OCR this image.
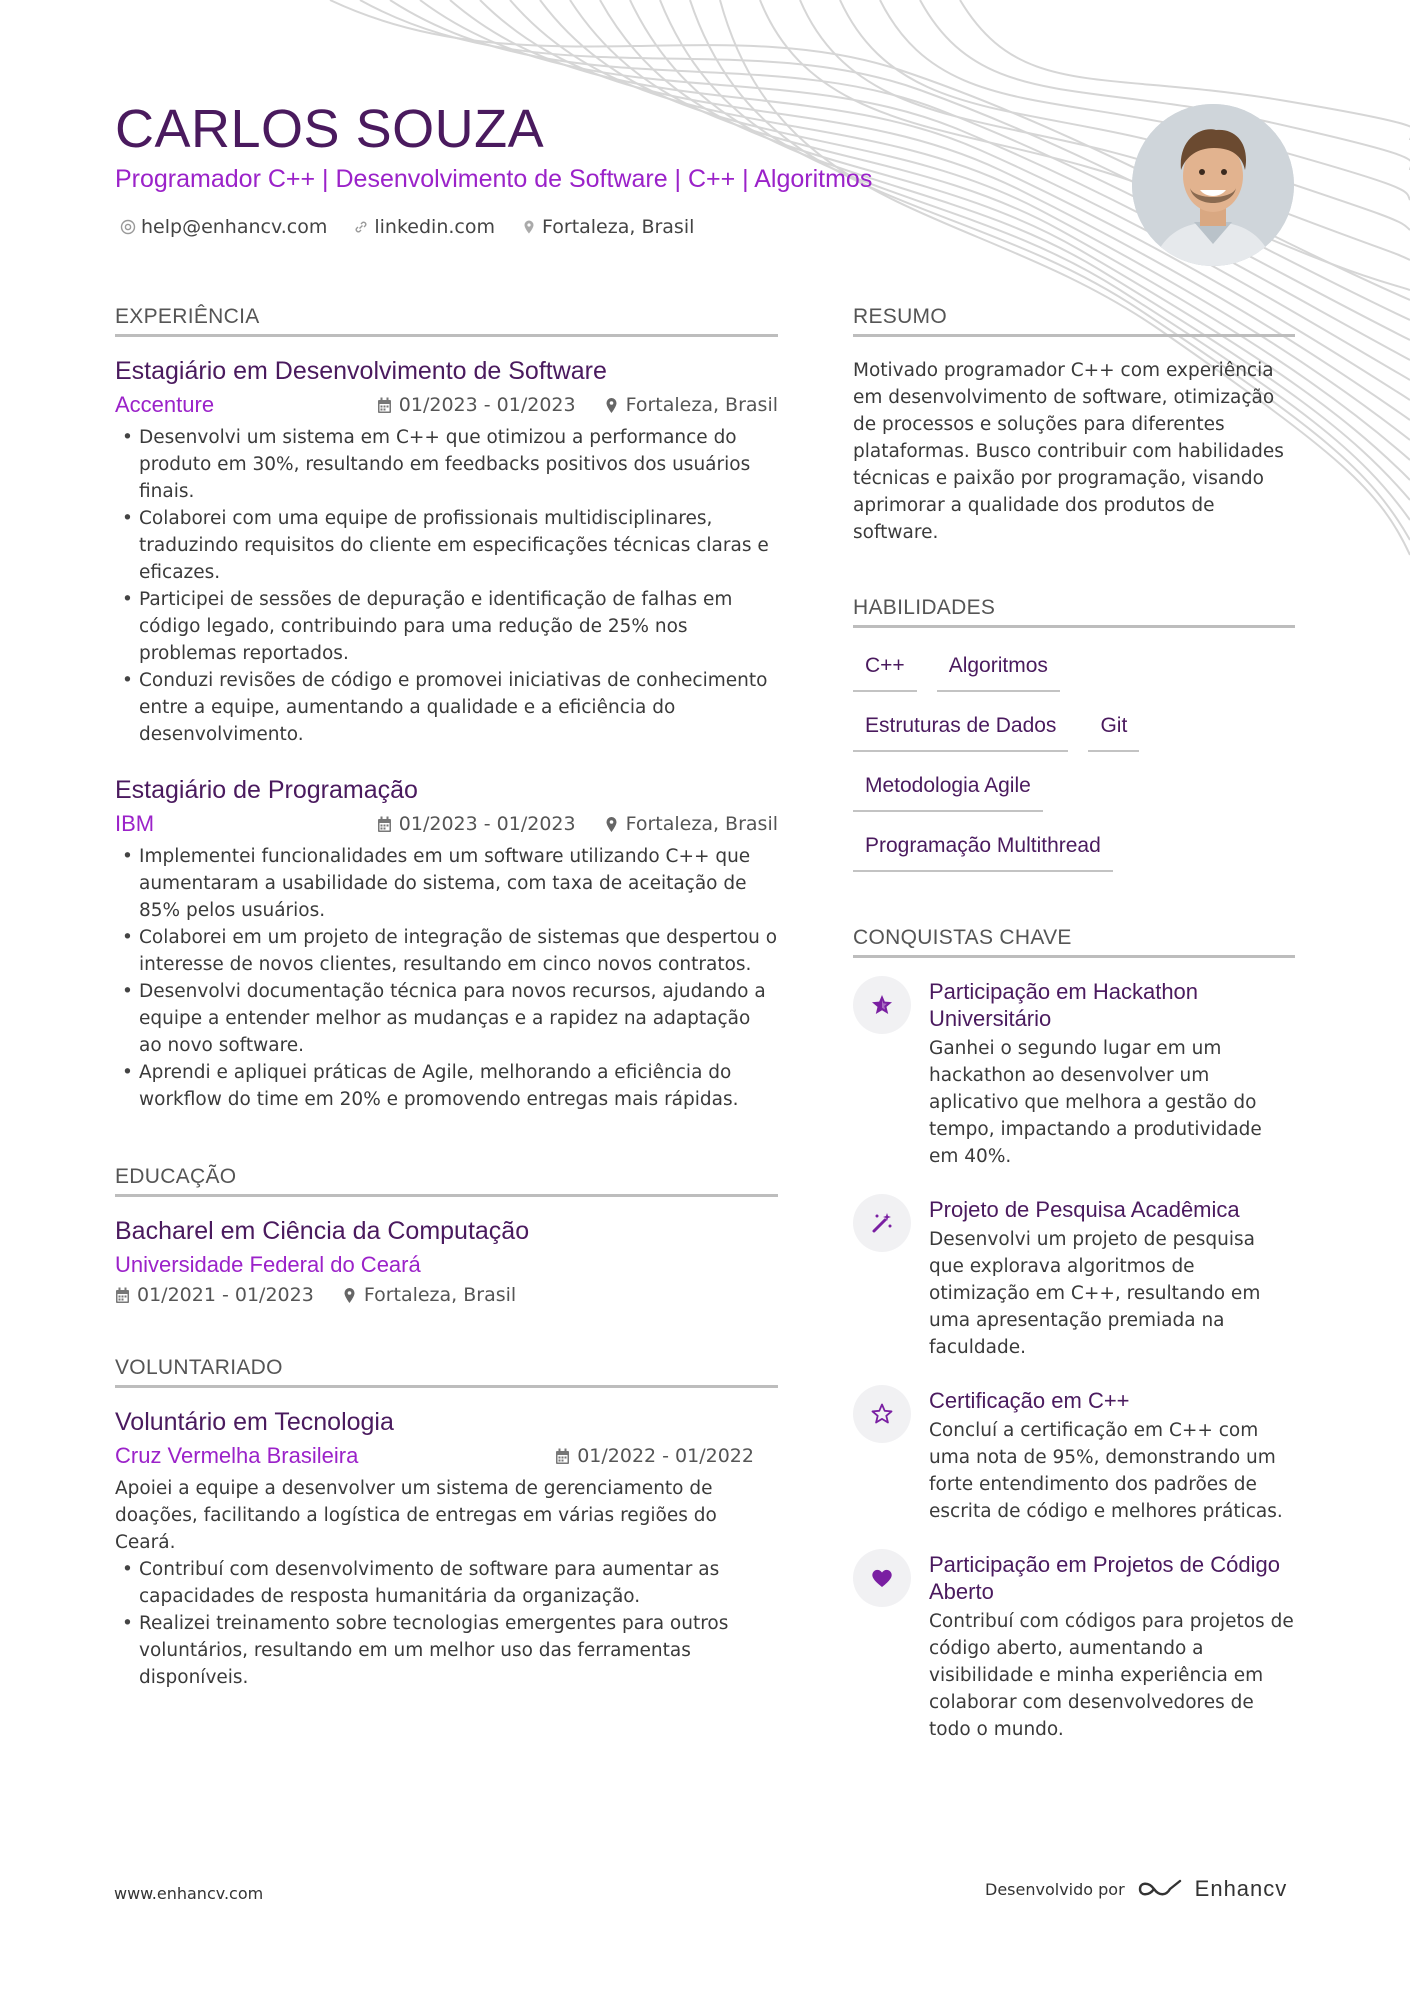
CARLOS SOUZA
Programador C++ | Desenvolvimento de Software | C++ | Algoritmos
help@enhancv.com linkedin.com Fortaleza, Brasil
EXPERIÊNCIA
Estagiário em Desenvolvimento de Software
Accenture	01/2023 - 01/2023	Fortaleza, Brasil
• Desenvolvi um sistema em C++ que otimizou a performance do produto em 30%, resultando em feedbacks positivos dos usuários finais.
• Colaborei com uma equipe de profissionais multidisciplinares, traduzindo requisitos do cliente em especificações técnicas claras e eficazes.
• Participei de sessões de depuração e identificação de falhas em código legado, contribuindo para uma redução de 25% nos problemas reportados.
• Conduzi revisões de código e promovei iniciativas de conhecimento entre a equipe, aumentando a qualidade e a eficiência do desenvolvimento.
Estagiário de Programação
IBM	01/2023 - 01/2023	Fortaleza, Brasil
• Implementei funcionalidades em um software utilizando C++ que aumentaram a usabilidade do sistema, com taxa de aceitação de 85% pelos usuários.
• Colaborei em um projeto de integração de sistemas que despertou o interesse de novos clientes, resultando em cinco novos contratos.
• Desenvolvi documentação técnica para novos recursos, ajudando a equipe a entender melhor as mudanças e a rapidez na adaptação ao novo software.
• Aprendi e apliquei práticas de Agile, melhorando a eficiência do workflow do time em 20% e promovendo entregas mais rápidas.
EDUCAÇÃO
Bacharel em Ciência da Computação
Universidade Federal do Ceará
01/2021 - 01/2023	Fortaleza, Brasil
VOLUNTARIADO
Voluntário em Tecnologia
Cruz Vermelha Brasileira	01/2022 - 01/2022
Apoiei a equipe a desenvolver um sistema de gerenciamento de doações, facilitando a logística de entregas em várias regiões do Ceará.
• Contribuí com desenvolvimento de software para aumentar as capacidades de resposta humanitária da organização.
• Realizei treinamento sobre tecnologias emergentes para outros voluntários, resultando em um melhor uso das ferramentas disponíveis.
RESUMO
Motivado programador C++ com experiência em desenvolvimento de software, otimização de processos e soluções para diferentes plataformas. Busco contribuir com habilidades técnicas e paixão por programação, visando aprimorar a qualidade dos produtos de software.
HABILIDADES
C++	Algoritmos
Estruturas de Dados	Git
Metodologia Agile
Programação Multithread
CONQUISTAS CHAVE
Participação em Hackathon Universitário
Ganhei o segundo lugar em um hackathon ao desenvolver um aplicativo que melhora a gestão do tempo, impactando a produtividade em 40%.
Projeto de Pesquisa Acadêmica
Desenvolvi um projeto de pesquisa que explorava algoritmos de otimização em C++, resultando em uma apresentação premiada na faculdade.
Certificação em C++
Concluí a certificação em C++ com uma nota de 95%, demonstrando um forte entendimento dos padrões de escrita de código e melhores práticas.
Participação em Projetos de Código Aberto
Contribuí com códigos para projetos de código aberto, aumentando a visibilidade e minha experiência em colaborar com desenvolvedores de todo o mundo.
www.enhancv.com	Desenvolvido por	Enhancv
